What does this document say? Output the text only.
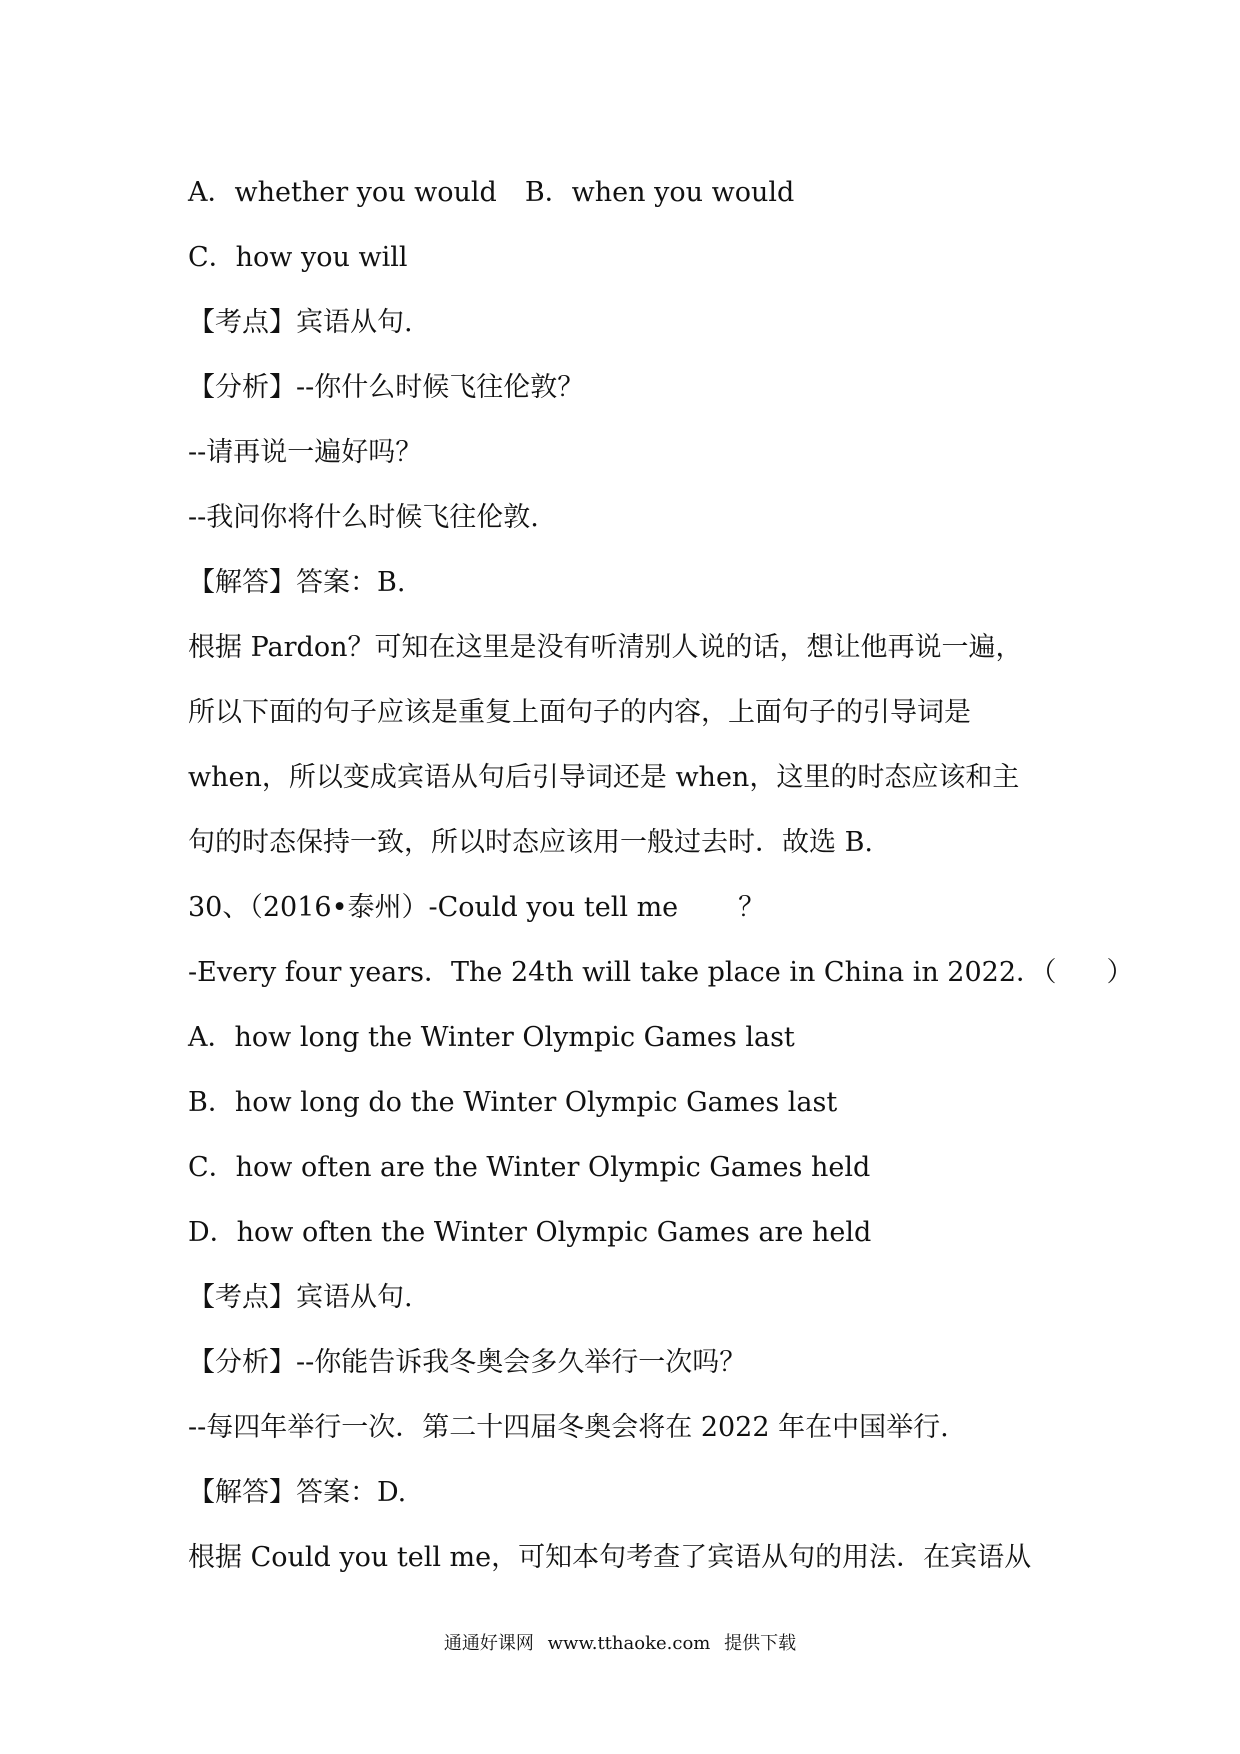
A．whether you would B．when you would
C．how you will
【考点】宾语从句.
【分析】--你什么时候飞往伦敦？
--请再说一遍好吗？
--我问你将什么时候飞往伦敦.
【解答】答案：B.
根据 Pardon？可知在这里是没有听清别人说的话，想让他再说一遍，
所以下面的句子应该是重复上面句子的内容，上面句子的引导词是
when，所以变成宾语从句后引导词还是 when，这里的时态应该和主
句的时态保持一致，所以时态应该用一般过去时．故选 B.
30、（2016•泰州）-Could you tell me ？
-Every four years．The 24th will take place in China in 2022．（ ）
A．how long the Winter Olympic Games last
B．how long do the Winter Olympic Games last
C．how often are the Winter Olympic Games held
D．how often the Winter Olympic Games are held
【考点】宾语从句.
【分析】--你能告诉我冬奥会多久举行一次吗？
--每四年举行一次．第二十四届冬奥会将在 2022 年在中国举行.
【解答】答案：D.
根据 Could you tell me，可知本句考查了宾语从句的用法．在宾语从
通通好课网 www.tthaoke.com 提供下载
